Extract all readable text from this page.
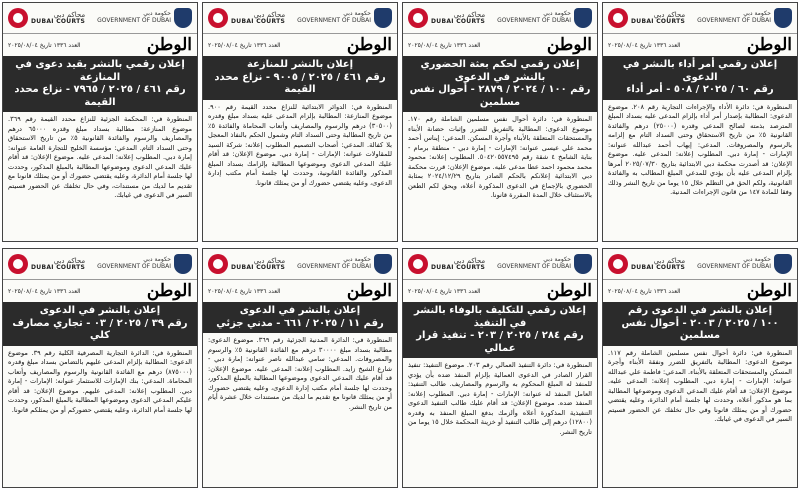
محاكم دبي
DUBAI COURTS
حكومة دبي
GOVERNMENT OF DUBAI
الوطن
العدد ١٣٣٦ تاريخ ٢٠٢٥/٠٨/٠٤
إعلان رقمي أمر أداء بالنشر في الدعوى
رقم ٦٠ / ٢٠٢٥ / ٥٠٨ - أمر أداء
المنظورة في: دائرة الأداء والإجراءات التجارية رقم ٢٠٨. موضوع الدعوى: المطالبة بإصدار أمر أداء بإلزام المدعى عليه بسداد المبلغ المترصد بذمته لصالح المدعي وقدره (٢٥٠٠٠) درهم والفائدة القانونية ٥٪ من تاريخ الاستحقاق وحتى السداد التام مع إلزامه بالرسوم والمصروفات. المدعي: إيهاب أحمد عبدالله عنوانه: الإمارات - إمارة دبي. المطلوب إعلانه: المدعى عليه. موضوع الإعلان: قد أصدرت محكمة دبي الابتدائية بتاريخ ٢٠٢٥/٠٧/٣٠ أمرها بإلزام المدعى عليه بأن يؤدي للمدعي المبلغ المطالب به والفائدة القانونية، ولكم الحق في التظلم خلال ١٥ يوما من تاريخ النشر وذلك وفقا للمادة ١٤٧ من قانون الإجراءات المدنية.
محاكم دبي
DUBAI COURTS
حكومة دبي
GOVERNMENT OF DUBAI
الوطن
العدد ١٣٣٦ تاريخ ٢٠٢٥/٠٨/٠٤
إعلان رقمي لحكم بعثة الحضوري بالنشر في الدعوى
رقم ١٠٠ / ٢٠٢٤ / ٢٨٧٩ - أحوال نفس مسلمين
المنظورة في: دائرة أحوال نفس مسلمين الشاملة رقم ١٧٠. موضوع الدعوى: المطالبة بالتفريق للضرر وإثبات حضانة الأبناء والمستحقات المتعلقة بالأبناء وأجرة المسكن. المدعي: إيناس أحمد محمد علي عيسى عنوانه: الإمارات - إمارة دبي - منطقة برمام - بناية الشامخ ٤ شقة رقم ٥٠٤٢٠٥٥٧٤٩٥. المطلوب إعلانه: محمود محمد محمود احمد عطا مدعى عليه. موضوع الإعلان: قررت محكمة دبي الابتدائية إعلانكم بالحكم الصادر بتاريخ ٢٠٢٤/١٢/٢٩ بمثابة الحضوري بالإجماع في الدعوى المذكورة أعلاه، ويحق لكم الطعن بالاستئناف خلال المدة المقررة قانونا.
محاكم دبي
DUBAI COURTS
حكومة دبي
GOVERNMENT OF DUBAI
الوطن
العدد ١٣٣٦ تاريخ ٢٠٢٥/٠٨/٠٤
إعلان بالنشر للمنازعة
رقم ٤٦١ / ٢٠٢٥ / ٩٠٠٥ - نزاع محدد القيمة
المنظورة في: الدوائر الابتدائية للنزاع محدد القيمة رقم ٩٠٠. موضوع المنازعة: المطالبة بإلزام المدعى عليه بسداد مبلغ وقدره (٣٠٥٠٠) درهم والرسوم والمصاريف وأتعاب المحاماة والفائدة ٥٪ من تاريخ المطالبة وحتى السداد التام وشمول الحكم بالنفاذ المعجل بلا كفالة. المدعي: أصحاب التصميم المطلوب إعلانه: شركة السيد للمقاولات عنوانه: الإمارات - إمارة دبي. موضوع الإعلان: قد أقام عليك المدعي الدعوى وموضوعها المطالبة بإلزامك بسداد المبلغ المذكور والفائدة القانونية، وحددت لها جلسة أمام مكتب إدارة الدعوى، وعليه يقتضي حضورك أو من يمثلك قانونا.
محاكم دبي
DUBAI COURTS
حكومة دبي
GOVERNMENT OF DUBAI
الوطن
العدد ١٣٣٦ تاريخ ٢٠٢٥/٠٨/٠٤
إعلان رقمي بالنشر بقيد دعوى في المنازعة
رقم ٤٦١ / ٢٠٢٥ / ٧٩٦٥ - نزاع محدد القيمة
المنظورة في: المحكمة الجزئية للنزاع محدد القيمة رقم ٣٦٩. موضوع المنازعة: مطالبة بسداد مبلغ وقدره ٦٥٠٠٠ درهم والمصاريف والرسوم والفائدة القانونية ٥٪ من تاريخ الاستحقاق وحتى السداد التام. المدعي: مؤسسة الخليج للتجارة العامة عنوانه: إمارة دبي. المطلوب إعلانه: المدعى عليه. موضوع الإعلان: قد أقام عليك المدعي الدعوى وموضوعها المطالبة بالمبلغ المذكور، وحددت لها جلسة أمام الدائرة، وعليه يقتضي حضورك أو من يمثلك قانونا مع تقديم ما لديك من مستندات، وفي حال تخلفك عن الحضور فسيتم السير في الدعوى في غيابك.
محاكم دبي
DUBAI COURTS
حكومة دبي
GOVERNMENT OF DUBAI
الوطن
العدد ١٣٣٦ تاريخ ٢٠٢٥/٠٨/٠٤
إعلان بالنشر في الدعوى رقم
١٠٠ / ٢٠٢٥ / ٢٠٠٣ - أحوال نفس مسلمين
المنظورة في: دائرة أحوال نفس مسلمين الشاملة رقم ١١٧. موضوع الدعوى: المطالبة بالتفريق للضرر ونفقة الأبناء وأجرة المسكن والمستحقات المتعلقة بالأبناء. المدعي: فاطمة علي عبدالله عنوانه: الإمارات - إمارة دبي. المطلوب إعلانه: المدعى عليه. موضوع الإعلان: قد أقام عليك المدعي الدعوى وموضوعها المطالبة بما هو مذكور أعلاه، وحددت لها جلسة أمام الدائرة، وعليه يقتضي حضورك أو من يمثلك قانونا وفي حال تخلفك عن الحضور فسيتم السير في الدعوى في غيابك.
محاكم دبي
DUBAI COURTS
حكومة دبي
GOVERNMENT OF DUBAI
الوطن
العدد ١٣٣٦ تاريخ ٢٠٢٥/٠٨/٠٤
إعلان رقمي للتكليف بالوفاء بالنشر في التنفيذ
رقم ٢٨٤ / ٢٠٢٥ / ٢٠٣ - تنفيذ قرار عمالي
المنظورة في: دائرة التنفيذ العمالي رقم ٢٠٣. موضوع التنفيذ: تنفيذ القرار الصادر في الدعوى العمالية بإلزام المنفذ ضده بأن يؤدي للمنفذ له المبلغ المحكوم به والرسوم والمصاريف. طالب التنفيذ: العامل المنفذ له عنوانه: الإمارات - إمارة دبي. المطلوب إعلانه: المنفذ ضده. موضوع الإعلان: قد أقام عليك طالب التنفيذ الدعوى التنفيذية المذكورة أعلاه وألزمك بدفع المبلغ المنفذ به وقدره (١٢٨٠٠) درهم إلى طالب التنفيذ أو خزينة المحكمة خلال ١٥ يوما من تاريخ النشر.
محاكم دبي
DUBAI COURTS
حكومة دبي
GOVERNMENT OF DUBAI
الوطن
العدد ١٣٣٦ تاريخ ٢٠٢٥/٠٨/٠٤
إعلان بالنشر في الدعوى
رقم ١١ / ٢٠٢٥ / ٦٦١ - مدني جزئي
المنظورة في: الدائرة المدنية الجزئية رقم ٣٦٩. موضوع الدعوى: مطالبة بسداد مبلغ ٣٠٠٠٠ درهم مع الفائدة القانونية ٥٪ والرسوم والمصروفات. المدعي: سامي عبدالله ناصر عنوانه: إمارة دبي - شارع الشيخ زايد. المطلوب إعلانه: المدعى عليه. موضوع الإعلان: قد أقام عليك المدعي الدعوى وموضوعها المطالبة بالمبلغ المذكور، وحددت لها جلسة أمام مكتب إدارة الدعوى، وعليه يقتضي حضورك أو من يمثلك قانونا مع تقديم ما لديك من مستندات خلال عشرة أيام من تاريخ النشر.
محاكم دبي
DUBAI COURTS
حكومة دبي
GOVERNMENT OF DUBAI
الوطن
العدد ١٣٣٦ تاريخ ٢٠٢٥/٠٨/٠٤
إعلان بالنشر في الدعوى
رقم ٣٩ / ٢٠٢٥ / ٠٣ - تجاري مصارف كلي
المنظورة في: الدائرة التجارية المصرفية الكلية رقم ٣٩. موضوع الدعوى: المطالبة بإلزام المدعى عليهم بالتضامن بسداد مبلغ وقدره (٨٧٥٠٠٠) درهم مع الفائدة القانونية والرسوم والمصاريف وأتعاب المحاماة. المدعي: بنك الإمارات للاستثمار عنوانه: الإمارات - إمارة دبي. المطلوب إعلانه: المدعى عليهم. موضوع الإعلان: قد أقام عليكم المدعي الدعوى وموضوعها المطالبة بالمبلغ المذكور، وحددت لها جلسة أمام الدائرة، وعليه يقتضي حضوركم أو من يمثلكم قانونا.
